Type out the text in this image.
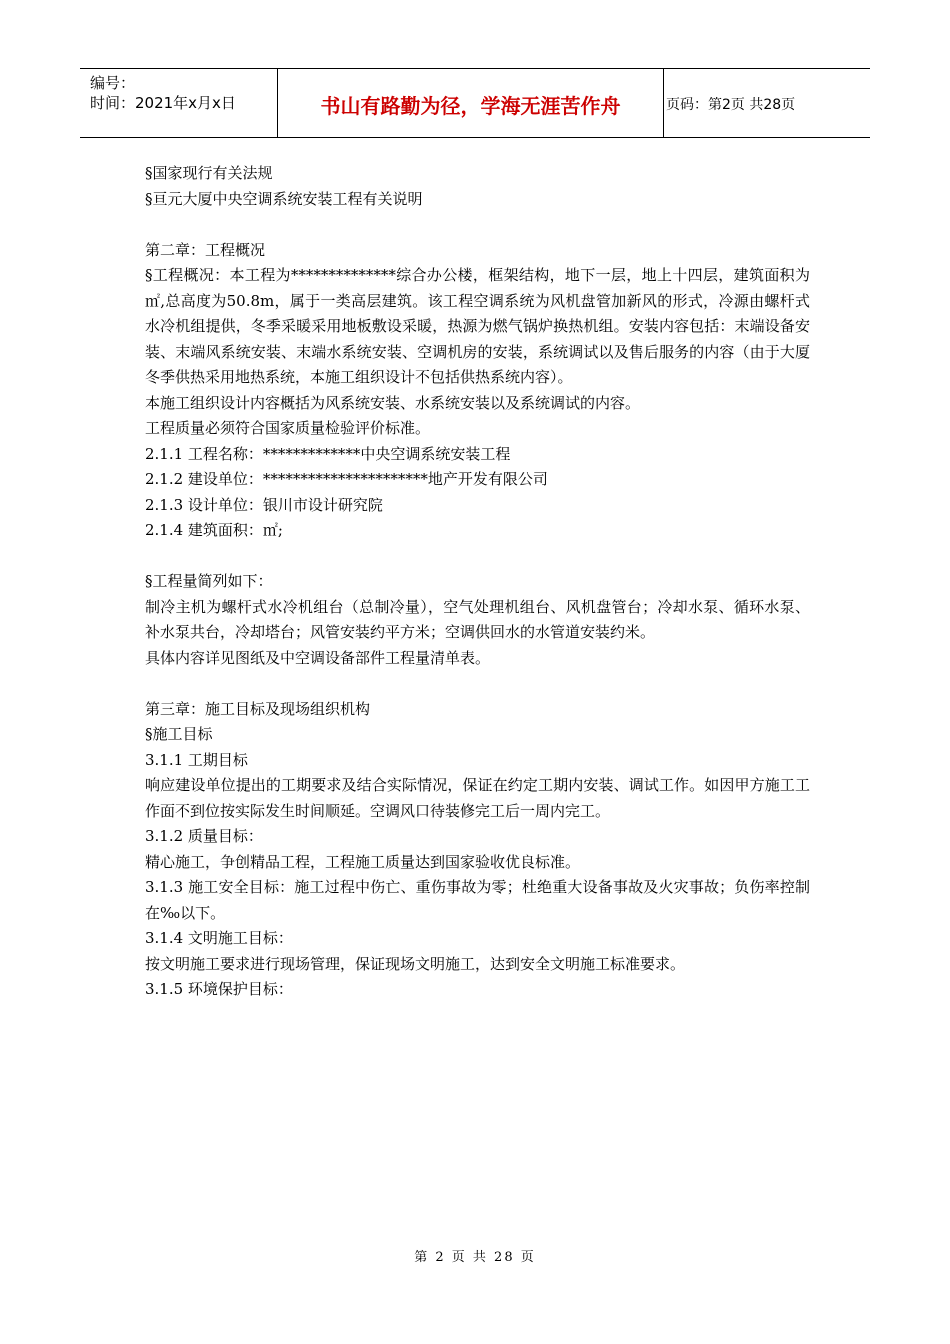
编号：
时间：2021年x月x日	书山有路勤为径，学海无涯苦作舟	页码：第2页 共28页

§国家现行有关法规

§亘元大厦中央空调系统安装工程有关说明

第二章：工程概况

§工程概况：本工程为**************综合办公楼，框架结构，地下一层，地上十四层，建筑面积为㎡,总高度为50.8m，属于一类高层建筑。该工程空调系统为风机盘管加新风的形式，冷源由螺杆式水冷机组提供，冬季采暖采用地板敷设采暖，热源为燃气锅炉换热机组。安装内容包括：末端设备安装、末端风系统安装、末端水系统安装、空调机房的安装，系统调试以及售后服务的内容（由于大厦冬季供热采用地热系统，本施工组织设计不包括供热系统内容）。

本施工组织设计内容概括为风系统安装、水系统安装以及系统调试的内容。

工程质量必须符合国家质量检验评价标准。

2.1.1 工程名称：*************中央空调系统安装工程

2.1.2 建设单位：**********************地产开发有限公司

2.1.3 设计单位：银川市设计研究院

2.1.4 建筑面积：㎡;

§工程量简列如下：

制冷主机为螺杆式水冷机组台（总制冷量），空气处理机组台、风机盘管台；冷却水泵、循环水泵、补水泵共台，冷却塔台；风管安装约平方米；空调供回水的水管道安装约米。

具体内容详见图纸及中空调设备部件工程量清单表。

第三章：施工目标及现场组织机构

§施工目标

3.1.1 工期目标

响应建设单位提出的工期要求及结合实际情况，保证在约定工期内安装、调试工作。如因甲方施工工作面不到位按实际发生时间顺延。空调风口待装修完工后一周内完工。

3.1.2 质量目标：

精心施工，争创精品工程，工程施工质量达到国家验收优良标准。

3.1.3 施工安全目标：施工过程中伤亡、重伤事故为零；杜绝重大设备事故及火灾事故；负伤率控制在‰以下。

3.1.4 文明施工目标：

按文明施工要求进行现场管理，保证现场文明施工，达到安全文明施工标准要求。

3.1.5 环境保护目标：

第 2 页 共 28 页
